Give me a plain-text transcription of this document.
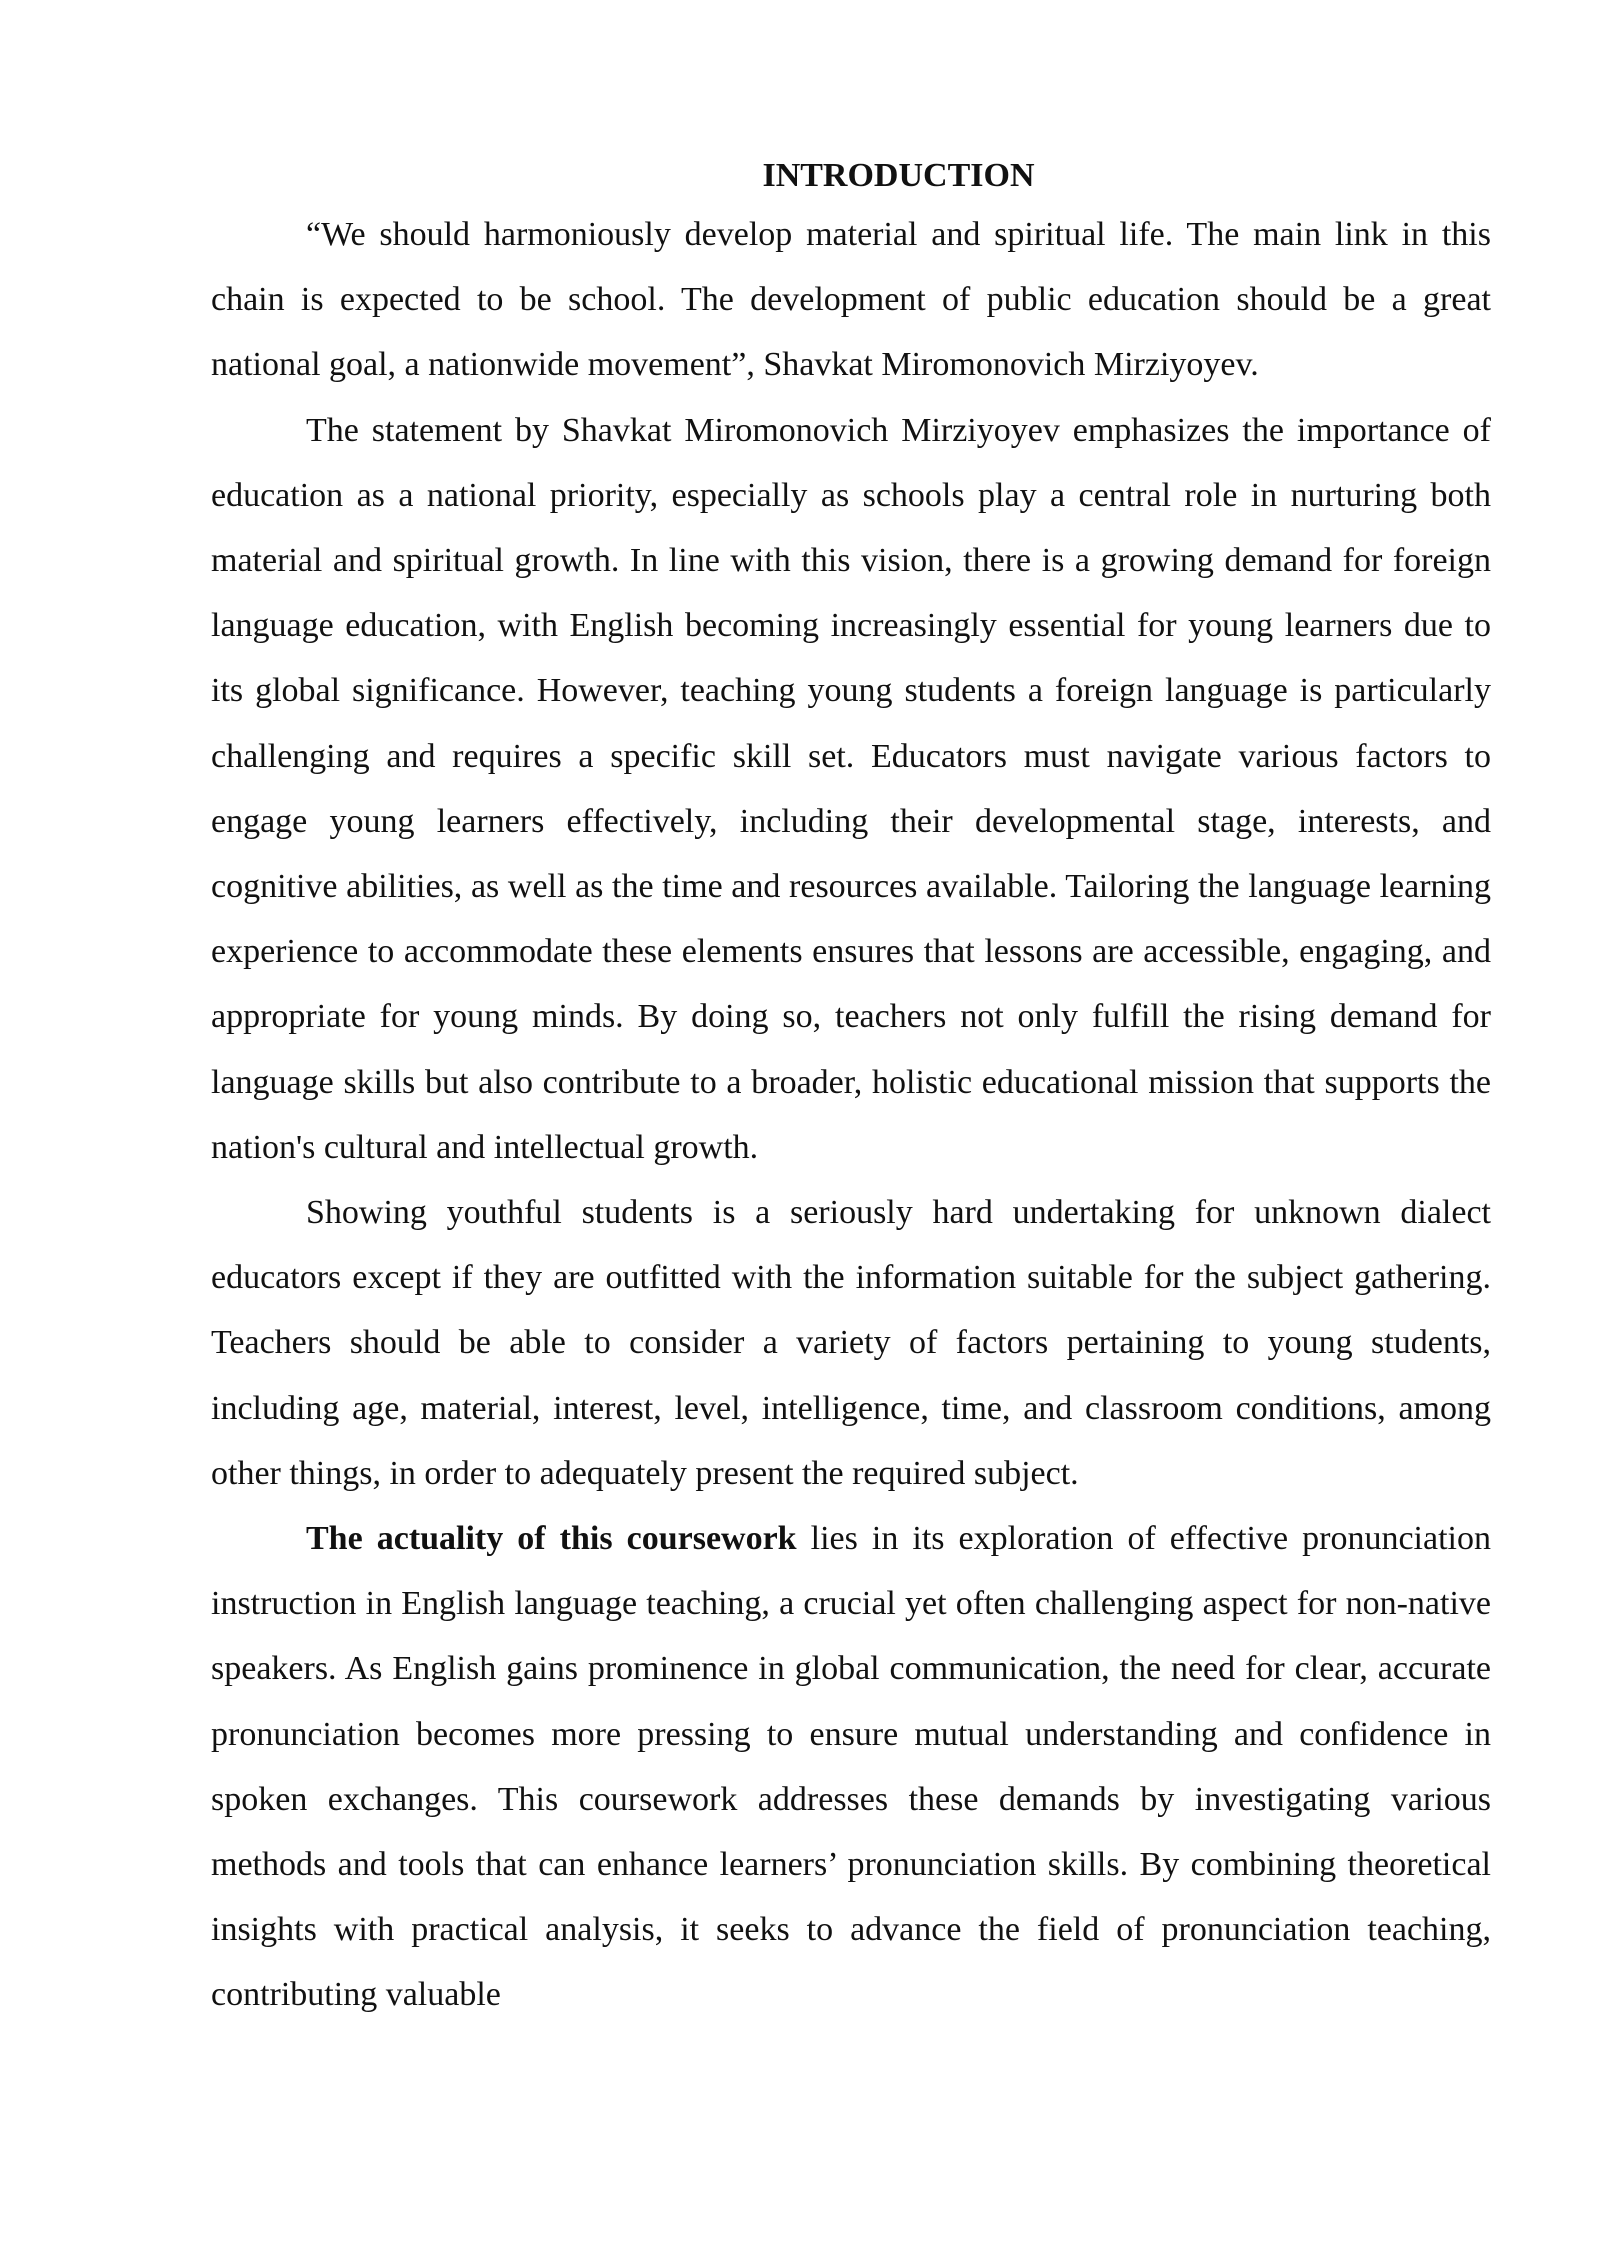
INTRODUCTION

“We should harmoniously develop material and spiritual life. The main link in this chain is expected to be school. The development of public education should be a great national goal, a nationwide movement”, Shavkat Miromonovich Mirziyoyev.

The statement by Shavkat Miromonovich Mirziyoyev emphasizes the importance of education as a national priority, especially as schools play a central role in nurturing both material and spiritual growth. In line with this vision, there is a growing demand for foreign language education, with English becoming increasingly essential for young learners due to its global significance. However, teaching young students a foreign language is particularly challenging and requires a specific skill set. Educators must navigate various factors to engage young learners effectively, including their developmental stage, interests, and cognitive abilities, as well as the time and resources available. Tailoring the language learning experience to accommodate these elements ensures that lessons are accessible, engaging, and appropriate for young minds. By doing so, teachers not only fulfill the rising demand for language skills but also contribute to a broader, holistic educational mission that supports the nation's cultural and intellectual growth.

Showing youthful students is a seriously hard undertaking for unknown dialect educators except if they are outfitted with the information suitable for the subject gathering. Teachers should be able to consider a variety of factors pertaining to young students, including age, material, interest, level, intelligence, time, and classroom conditions, among other things, in order to adequately present the required subject.

The actuality of this coursework lies in its exploration of effective pronunciation instruction in English language teaching, a crucial yet often challenging aspect for non-native speakers. As English gains prominence in global communication, the need for clear, accurate pronunciation becomes more pressing to ensure mutual understanding and confidence in spoken exchanges. This coursework addresses these demands by investigating various methods and tools that can enhance learners’ pronunciation skills. By combining theoretical insights with practical analysis, it seeks to advance the field of pronunciation teaching, contributing valuable
